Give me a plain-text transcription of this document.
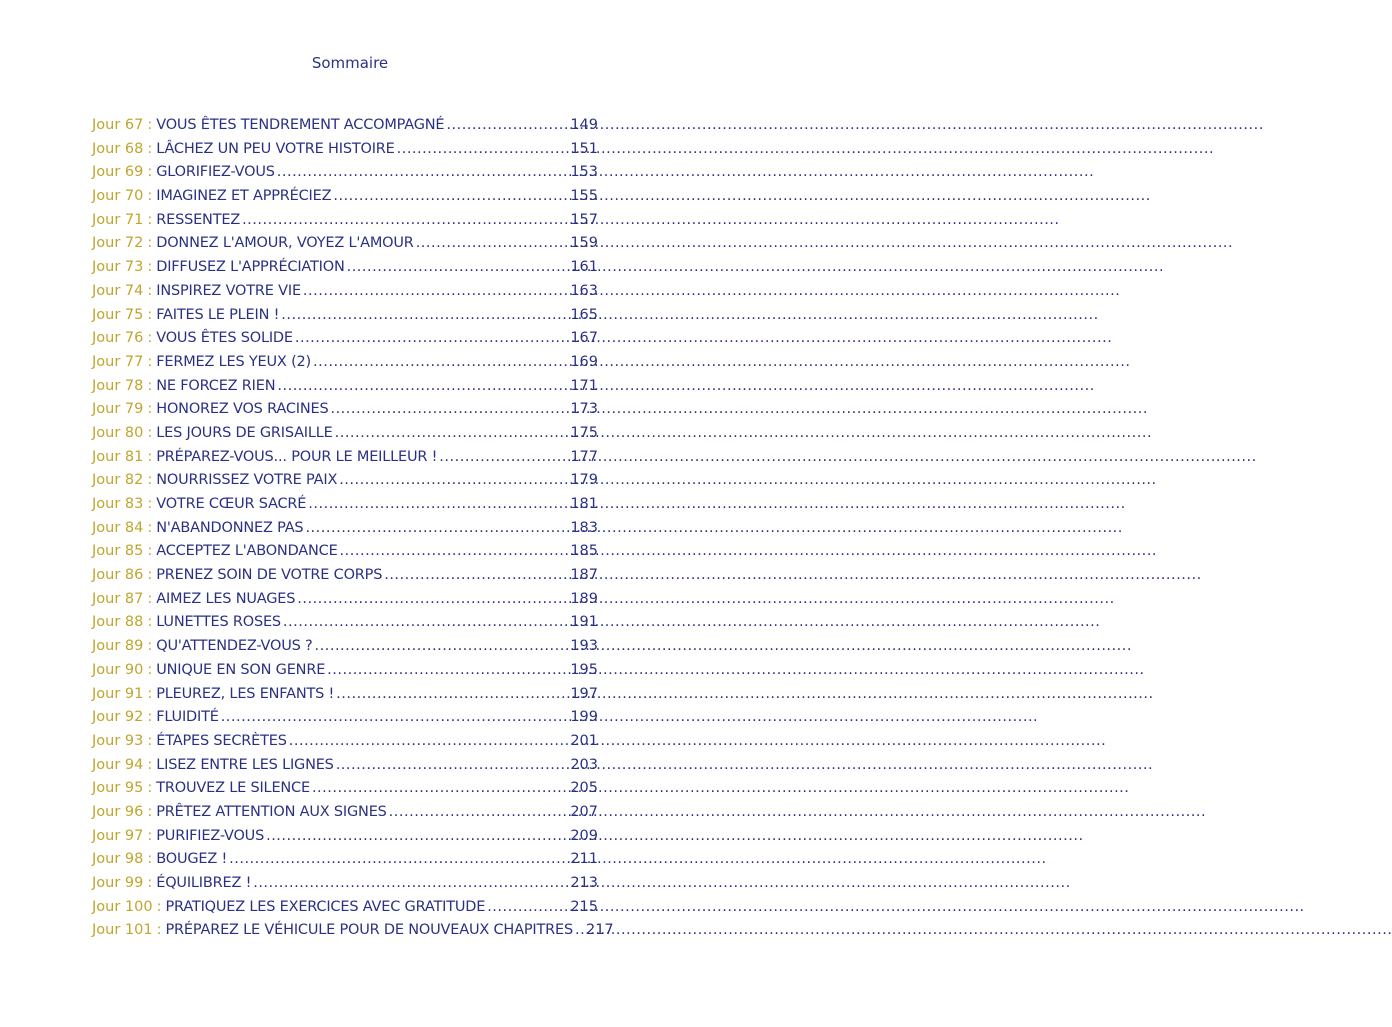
Sommaire
Jour 67 : VOUS ÊTES TENDREMENT ACCOMPAGNÉ .....	149
Jour 68 : LÂCHEZ UN PEU VOTRE HISTOIRE .....	151
Jour 69 : GLORIFIEZ-VOUS .....	153
Jour 70 : IMAGINEZ ET APPRÉCIEZ .....	155
Jour 71 : RESSENTEZ .....	157
Jour 72 : DONNEZ L'AMOUR, VOYEZ L'AMOUR .....	159
Jour 73 : DIFFUSEZ L'APPRÉCIATION .....	161
Jour 74 : INSPIREZ VOTRE VIE .....	163
Jour 75 : FAITES LE PLEIN ! .....	165
Jour 76 : VOUS ÊTES SOLIDE .....	167
Jour 77 : FERMEZ LES YEUX (2) .....	169
Jour 78 : NE FORCEZ RIEN .....	171
Jour 79 : HONOREZ VOS RACINES .....	173
Jour 80 : LES JOURS DE GRISAILLE .....	175
Jour 81 : PRÉPAREZ-VOUS... POUR LE MEILLEUR ! .....	177
Jour 82 : NOURRISSEZ VOTRE PAIX .....	179
Jour 83 : VOTRE CŒUR SACRÉ .....	181
Jour 84 : N'ABANDONNEZ PAS .....	183
Jour 85 : ACCEPTEZ L'ABONDANCE .....	185
Jour 86 : PRENEZ SOIN DE VOTRE CORPS .....	187
Jour 87 : AIMEZ LES NUAGES .....	189
Jour 88 : LUNETTES ROSES .....	191
Jour 89 : QU'ATTENDEZ-VOUS ? .....	193
Jour 90 : UNIQUE EN SON GENRE .....	195
Jour 91 : PLEUREZ, LES ENFANTS ! .....	197
Jour 92 : FLUIDITÉ .....	199
Jour 93 : ÉTAPES SECRÈTES .....	201
Jour 94 : LISEZ ENTRE LES LIGNES .....	203
Jour 95 : TROUVEZ LE SILENCE .....	205
Jour 96 : PRÊTEZ ATTENTION AUX SIGNES .....	207
Jour 97 : PURIFIEZ-VOUS .....	209
Jour 98 : BOUGEZ ! .....	211
Jour 99 : ÉQUILIBREZ ! .....	213
Jour 100 : PRATIQUEZ LES EXERCICES AVEC GRATITUDE .....	215
Jour 101 : PRÉPAREZ LE VÉHICULE POUR DE NOUVEAUX CHAPITRES ..... 217
